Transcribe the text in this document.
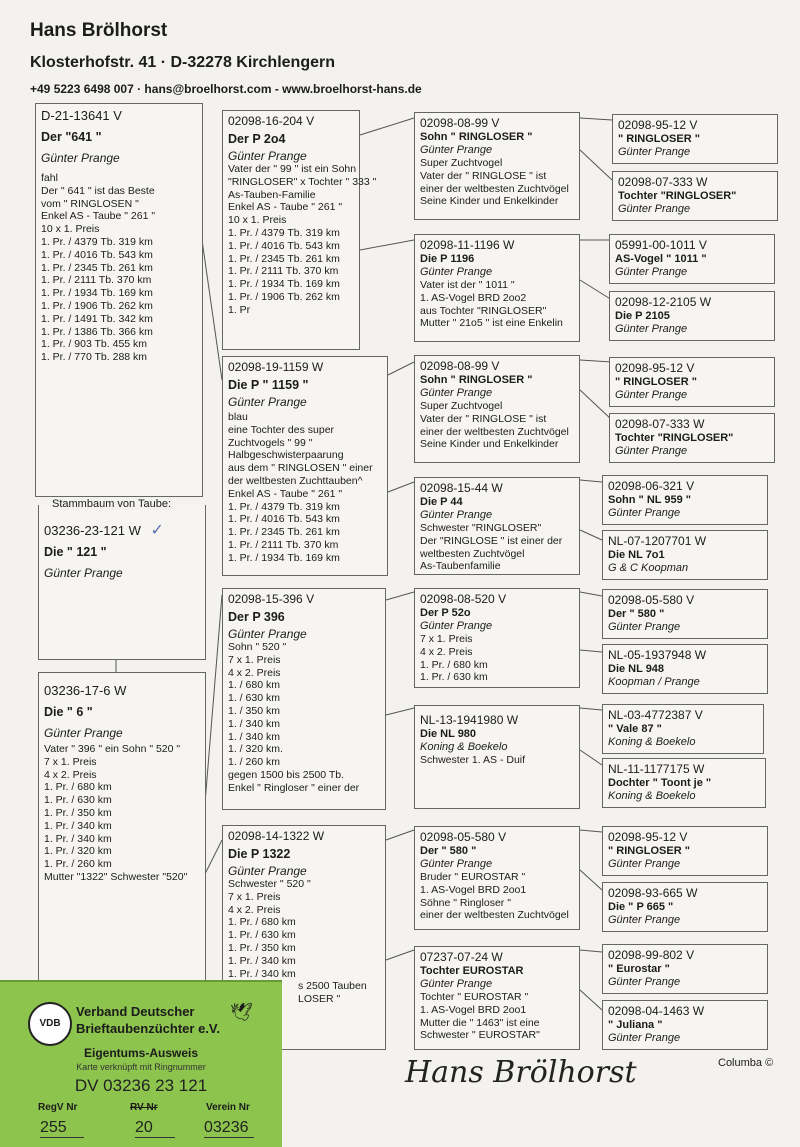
Hans Brölhorst
Klosterhofstr. 41 · D-32278 Kirchlengern
+49 5223 6498 007 · hans@broelhorst.com - www.broelhorst-hans.de
D-21-13641 V
Der "641 "
Günter Prange
fahl
Der " 641 " ist das Beste
vom " RINGLOSEN "
Enkel AS - Taube " 261 "
10 x 1. Preis
1. Pr. / 4379 Tb. 319 km
1. Pr. / 4016 Tb. 543 km
1. Pr. / 2345 Tb. 261 km
1. Pr. / 2111 Tb. 370 km
1. Pr. / 1934 Tb. 169 km
1. Pr. / 1906 Tb. 262 km
1. Pr. / 1491 Tb. 342 km
1. Pr. / 1386 Tb. 366 km
1. Pr. / 903 Tb. 455 km
1. Pr. / 770 Tb. 288 km
03236-23-121 W ✓
Die " 121 "
Günter Prange
Stammbaum von Taube:
03236-17-6 W
Die " 6 "
Günter Prange
Vater " 396 " ein Sohn " 520 "
7 x 1. Preis
4 x 2. Preis
1. Pr. / 680 km
1. Pr. / 630 km
1. Pr. / 350 km
1. Pr. / 340 km
1. Pr. / 340 km
1. Pr. / 320 km
1. Pr. / 260 km
Mutter "1322" Schwester "520"
02098-16-204 V
Der P 2o4
Günter Prange
Vater der " 99 " ist ein Sohn
"RINGLOSER" x Tochter " 333 "
As-Tauben-Familie
Enkel AS - Taube " 261 "
10 x 1. Preis
1. Pr. / 4379 Tb. 319 km
1. Pr. / 4016 Tb. 543 km
1. Pr. / 2345 Tb. 261 km
1. Pr. / 2111 Tb. 370 km
1. Pr. / 1934 Tb. 169 km
1. Pr. / 1906 Tb. 262 km
1. Pr
02098-19-1159 W
Die P " 1159 "
Günter Prange
blau
eine Tochter des super
Zuchtvogels " 99 "
Halbgeschwisterpaarung
aus dem " RINGLOSEN " einer
der weltbesten Zuchttauben^
Enkel AS - Taube " 261 "
1. Pr. / 4379 Tb. 319 km
1. Pr. / 4016 Tb. 543 km
1. Pr. / 2345 Tb. 261 km
1. Pr. / 2111 Tb. 370 km
1. Pr. / 1934 Tb. 169 km
02098-15-396 V
Der P 396
Günter Prange
Sohn " 520 "
7 x 1. Preis
4 x 2. Preis
1. / 680 km
1. / 630 km
1. / 350 km
1. / 340 km
1. / 340 km
1. / 320 km.
1. / 260 km
gegen 1500 bis 2500 Tb.
Enkel " Ringloser " einer der
02098-14-1322 W
Die P 1322
Günter Prange
Schwester " 520 "
7 x 1. Preis
4 x 2. Preis
1. Pr. / 680 km
1. Pr. / 630 km
1. Pr. / 350 km
1. Pr. / 340 km
1. Pr. / 340 km
s 2500 Tauben
LOSER "
02098-08-99 V
Sohn " RINGLOSER "
Günter Prange
Super Zuchtvogel
Vater der " RINGLOSE " ist
einer der weltbesten Zuchtvögel
Seine Kinder und Enkelkinder
02098-11-1196 W
Die P 1196
Günter Prange
Vater ist der " 1011 "
1. AS-Vogel BRD 2oo2
aus Tochter "RINGLOSER"
Mutter " 21o5 " ist eine Enkelin
02098-08-99 V
Sohn " RINGLOSER "
Günter Prange
Super Zuchtvogel
Vater der " RINGLOSE " ist
einer der weltbesten Zuchtvögel
Seine Kinder und Enkelkinder
02098-15-44 W
Die P 44
Günter Prange
Schwester "RINGLOSER"
Der "RINGLOSE " ist einer der
weltbesten Zuchtvögel
As-Taubenfamilie
02098-08-520 V
Der P 52o
Günter Prange
7 x 1. Preis
4 x 2. Preis
1. Pr. / 680 km
1. Pr. / 630 km
NL-13-1941980 W
Die NL 980
Koning & Boekelo
Schwester 1. AS - Duif
02098-05-580 V
Der " 580 "
Günter Prange
Bruder " EUROSTAR "
1. AS-Vogel BRD 2oo1
Söhne " Ringloser "
einer der weltbesten Zuchtvögel
07237-07-24 W
Tochter EUROSTAR
Günter Prange
Tochter " EUROSTAR "
1. AS-Vogel BRD 2oo1
Mutter die " 1463" ist eine
Schwester " EUROSTAR"
02098-95-12 V
" RINGLOSER "
Günter Prange
02098-07-333 W
Tochter "RINGLOSER"
Günter Prange
05991-00-1011 V
AS-Vogel " 1011 "
Günter Prange
02098-12-2105 W
Die P 2105
Günter Prange
02098-95-12 V
" RINGLOSER "
Günter Prange
02098-07-333 W
Tochter "RINGLOSER"
Günter Prange
02098-06-321 V
Sohn " NL 959 "
Günter Prange
NL-07-1207701 W
Die NL 7o1
G & C Koopman
02098-05-580 V
Der " 580 "
Günter Prange
NL-05-1937948 W
Die NL 948
Koopman / Prange
NL-03-4772387 V
" Vale 87 "
Koning & Boekelo
NL-11-1177175 W
Dochter " Toont je "
Koning & Boekelo
02098-95-12 V
" RINGLOSER "
Günter Prange
02098-93-665 W
Die " P 665 "
Günter Prange
02098-99-802 V
" Eurostar "
Günter Prange
02098-04-1463 W
" Juliana "
Günter Prange
Hans Brölhorst	Columba ©
VDB
Verband Deutscher
Brieftaubenzüchter e.V.
🕊
Eigentums-Ausweis
Karte verknüpft mit Ringnummer
DV 03236 23 121
RegV Nr	RV Nr	Verein Nr
255	20	03236
